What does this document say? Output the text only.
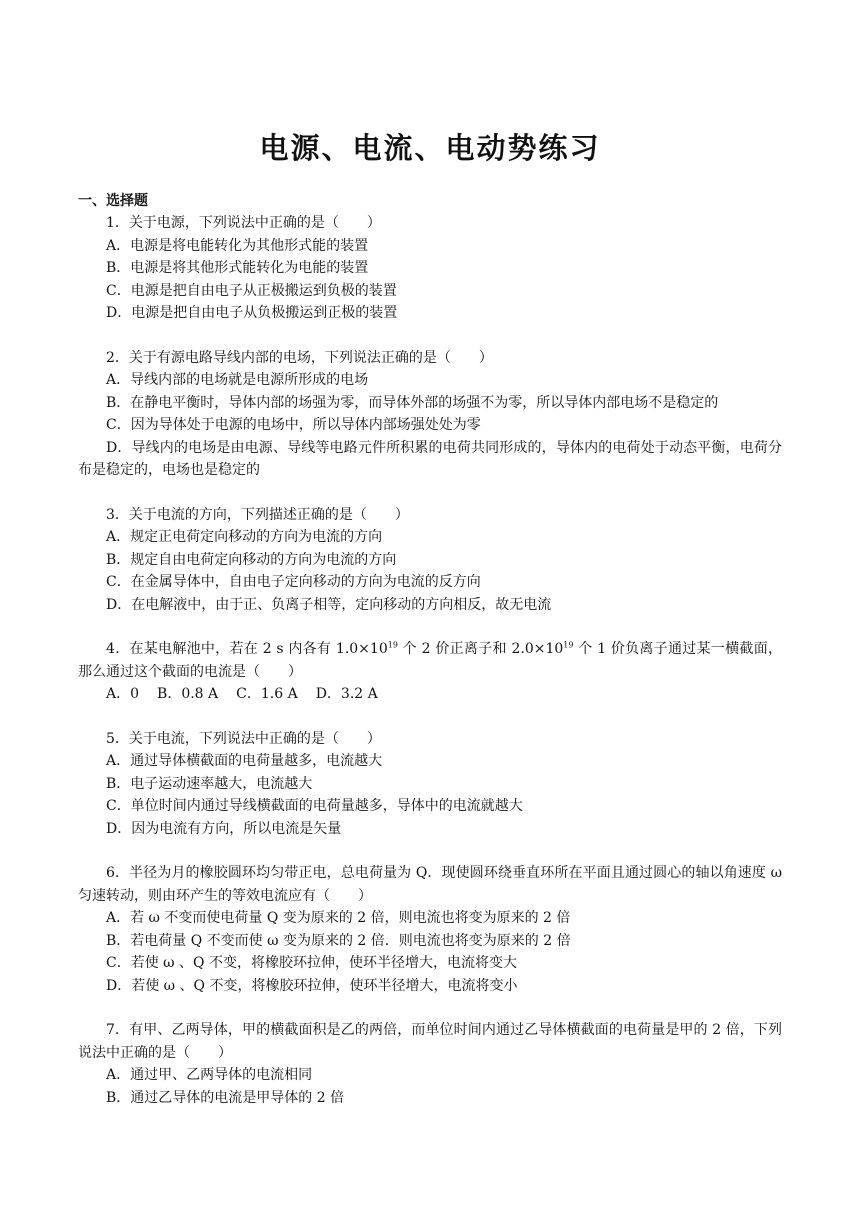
电源、电流、电动势练习
一、选择题
1．关于电源，下列说法中正确的是（　　）
A．电源是将电能转化为其他形式能的装置
B．电源是将其他形式能转化为电能的装置
C．电源是把自由电子从正极搬运到负极的装置
D．电源是把自由电子从负极搬运到正极的装置
2．关于有源电路导线内部的电场，下列说法正确的是（　　）
A．导线内部的电场就是电源所形成的电场
B．在静电平衡时，导体内部的场强为零，而导体外部的场强不为零，所以导体内部电场不是稳定的
C．因为导体处于电源的电场中，所以导体内部场强处处为零
D．导线内的电场是由电源、导线等电路元件所积累的电荷共同形成的，导体内的电荷处于动态平衡，电荷分布是稳定的，电场也是稳定的
3．关于电流的方向，下列描述正确的是（　　）
A．规定正电荷定向移动的方向为电流的方向
B．规定自由电荷定向移动的方向为电流的方向
C．在金属导体中，自由电子定向移动的方向为电流的反方向
D．在电解液中，由于正、负离子相等，定向移动的方向相反，故无电流
4．在某电解池中，若在 2 s 内各有 $1.0\times 10^{19}$ 个 2 价正离子和 $2.0\times 10^{19}$ 个 1 价负离子通过某一横截面，那么通过这个截面的电流是（　　）
A．0 B．0.8 A C．1.6 A D．3.2 A
5．关于电流，下列说法中正确的是（　　）
A．通过导体横截面的电荷量越多，电流越大
B．电子运动速率越大，电流越大
C．单位时间内通过导线横截面的电荷量越多，导体中的电流就越大
D．因为电流有方向，所以电流是矢量
6．半径为月的橡胶圆环均匀带正电，总电荷量为 Q．现使圆环绕垂直环所在平面且通过圆心的轴以角速度 ω 匀速转动，则由环产生的等效电流应有（　　）
A．若 ω 不变而使电荷量 Q 变为原来的 2 倍，则电流也将变为原来的 2 倍
B．若电荷量 Q 不变而使 ω 变为原来的 2 倍．则电流也将变为原来的 2 倍
C．若使 ω 、Q 不变，将橡胶环拉伸，使环半径增大，电流将变大
D．若使 ω 、Q 不变，将橡胶环拉伸，使环半径增大，电流将变小
7．有甲、乙两导体，甲的横截面积是乙的两倍，而单位时间内通过乙导体横截面的电荷量是甲的 2 倍，下列说法中正确的是（　　）
A．通过甲、乙两导体的电流相同
B．通过乙导体的电流是甲导体的 2 倍
